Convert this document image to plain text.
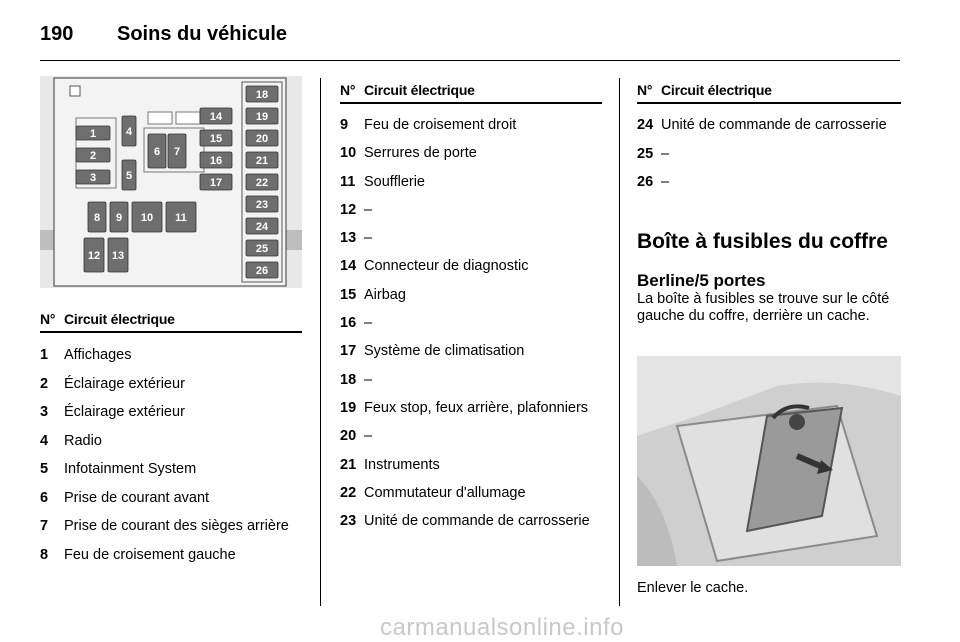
190	Soins du véhicule
1
2
3
4
5
6 7
8 9 10 11
12 13
14
15
16
17
18
19
20
21
22
23
24
25
26
N° Circuit électrique
1	Affichages
2	Éclairage extérieur
3	Éclairage extérieur
4	Radio
5	Infotainment System
6	Prise de courant avant
7	Prise de courant des sièges arrière
8	Feu de croisement gauche
N° Circuit électrique
9	Feu de croisement droit
10 Serrures de porte
11 Soufflerie
12 –
13 –
14 Connecteur de diagnostic
15 Airbag
16 –
17 Système de climatisation
18 –
19 Feux stop, feux arrière, plafonniers
20 –
21 Instruments
22 Commutateur d'allumage
23 Unité de commande de carrosserie
N° Circuit électrique
24 Unité de commande de carrosserie
25 –
26 –
Boîte à fusibles du coffre
Berline/5 portes
La boîte à fusibles se trouve sur le côté gauche du coffre, derrière un cache.
Enlever le cache.
carmanualsonline.info
